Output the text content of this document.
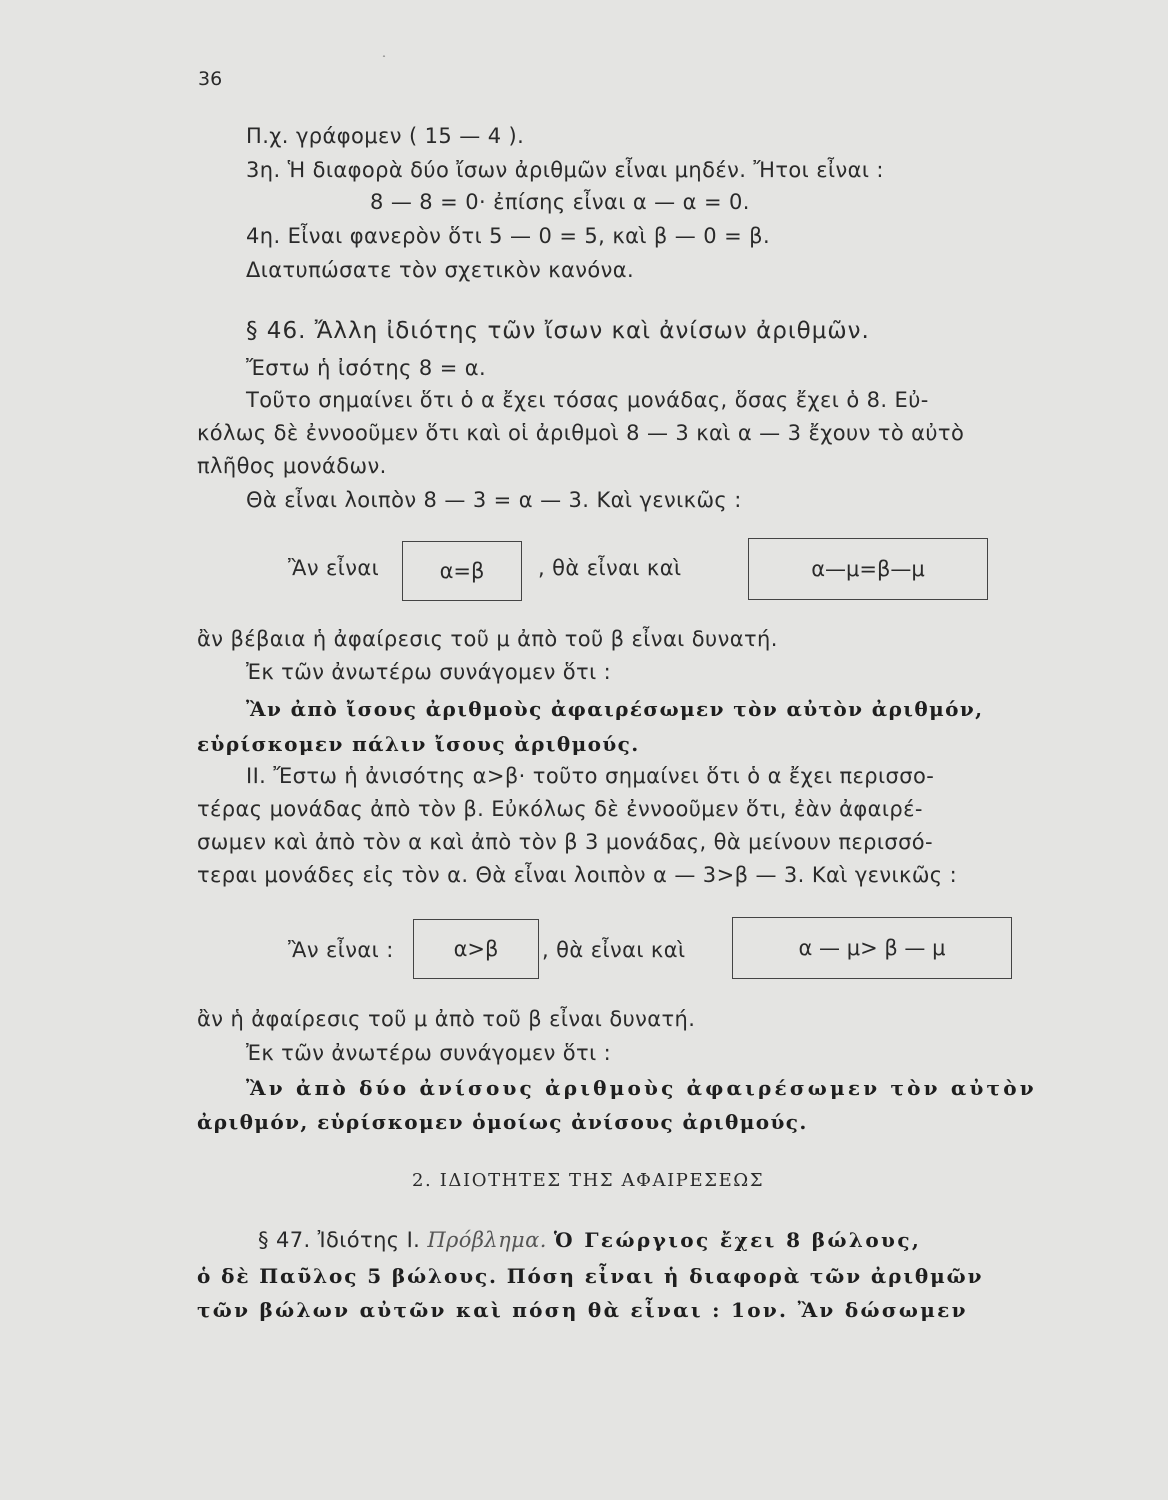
˰
36
Π.χ. γράφομεν ( 15 — 4 ).
3η. Ἡ διαφορὰ δύο ἴσων ἀριθμῶν εἶναι μηδέν. Ἤτοι εἶναι :
8 — 8 = 0· ἐπίσης εἶναι α — α = 0.
4η. Εἶναι φανερὸν ὅτι 5 — 0 = 5, καὶ β — 0 = β.
Διατυπώσατε τὸν σχετικὸν κανόνα.
§ 46. Ἄλλη ἰδιότης τῶν ἴσων καὶ ἀνίσων ἀριθμῶν.
Ἔστω ἡ ἰσότης 8 = α.
Τοῦτο σημαίνει ὅτι ὁ α ἔχει τόσας μονάδας, ὅσας ἔχει ὁ 8. Εὐ-
κόλως δὲ ἐννοοῦμεν ὅτι καὶ οἱ ἀριθμοὶ 8 — 3 καὶ α — 3 ἔχουν τὸ αὐτὸ
πλῆθος μονάδων.
Θὰ εἶναι λοιπὸν 8 — 3 = α — 3. Καὶ γενικῶς :
Ἂν εἶναι	α=β	, θὰ εἶναι καὶ	α—μ=β—μ
ἂν βέβαια ἡ ἀφαίρεσις τοῦ μ ἀπὸ τοῦ β εἶναι δυνατή.
Ἐκ τῶν ἀνωτέρω συνάγομεν ὅτι :
Ἂν ἀπὸ ἴσους ἀριθμοὺς ἀφαιρέσωμεν τὸν αὐτὸν ἀριθμόν,
εὑρίσκομεν πάλιν ἴσους ἀριθμούς.
ΙΙ. Ἔστω ἡ ἀνισότης α>β· τοῦτο σημαίνει ὅτι ὁ α ἔχει περισσο-
τέρας μονάδας ἀπὸ τὸν β. Εὐκόλως δὲ ἐννοοῦμεν ὅτι, ἐὰν ἀφαιρέ-
σωμεν καὶ ἀπὸ τὸν α καὶ ἀπὸ τὸν β 3 μονάδας, θὰ μείνουν περισσό-
τεραι μονάδες εἰς τὸν α. Θὰ εἶναι λοιπὸν α — 3>β — 3. Καὶ γενικῶς :
Ἂν εἶναι :	α>β , θὰ εἶναι καὶ	α — μ> β — μ
ἂν ἡ ἀφαίρεσις τοῦ μ ἀπὸ τοῦ β εἶναι δυνατή.
Ἐκ τῶν ἀνωτέρω συνάγομεν ὅτι :
Ἂν ἀπὸ δύο ἀνίσους ἀριθμοὺς ἀφαιρέσωμεν τὸν αὐτὸν
ἀριθμόν, εὑρίσκομεν ὁμοίως ἀνίσους ἀριθμούς.
2. ΙΔΙΟΤΗΤΕΣ ΤΗΣ ΑΦΑΙΡΕΣΕΩΣ
§ 47. Ἰδιότης Ι. Πρόβλημα. Ὁ Γεώργιος ἔχει 8 βώλους,
ὁ δὲ Παῦλος 5 βώλους. Πόση εἶναι ἡ διαφορὰ τῶν ἀριθμῶν
τῶν βώλων αὐτῶν καὶ πόση θὰ εἶναι : 1ον. Ἂν δώσωμεν
